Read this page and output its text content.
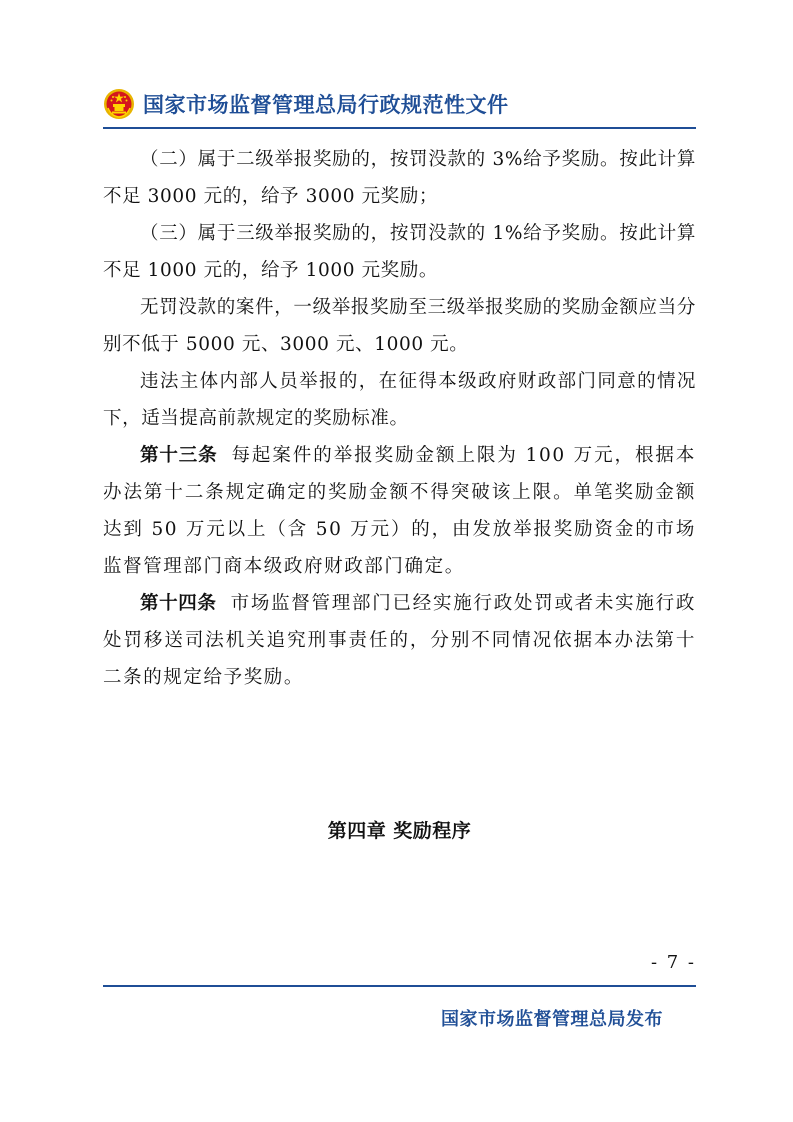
国家市场监督管理总局行政规范性文件

（二）属于二级举报奖励的，按罚没款的 3%给予奖励。按此计算不足 3000 元的，给予 3000 元奖励；

（三）属于三级举报奖励的，按罚没款的 1%给予奖励。按此计算不足 1000 元的，给予 1000 元奖励。

无罚没款的案件，一级举报奖励至三级举报奖励的奖励金额应当分别不低于 5000 元、3000 元、1000 元。

违法主体内部人员举报的，在征得本级政府财政部门同意的情况下，适当提高前款规定的奖励标准。

第十三条 每起案件的举报奖励金额上限为 100 万元，根据本办法第十二条规定确定的奖励金额不得突破该上限。单笔奖励金额达到 50 万元以上（含 50 万元）的，由发放举报奖励资金的市场监督管理部门商本级政府财政部门确定。

第十四条 市场监督管理部门已经实施行政处罚或者未实施行政处罚移送司法机关追究刑事责任的，分别不同情况依据本办法第十二条的规定给予奖励。

第四章 奖励程序
- 7 -
国家市场监督管理总局发布
